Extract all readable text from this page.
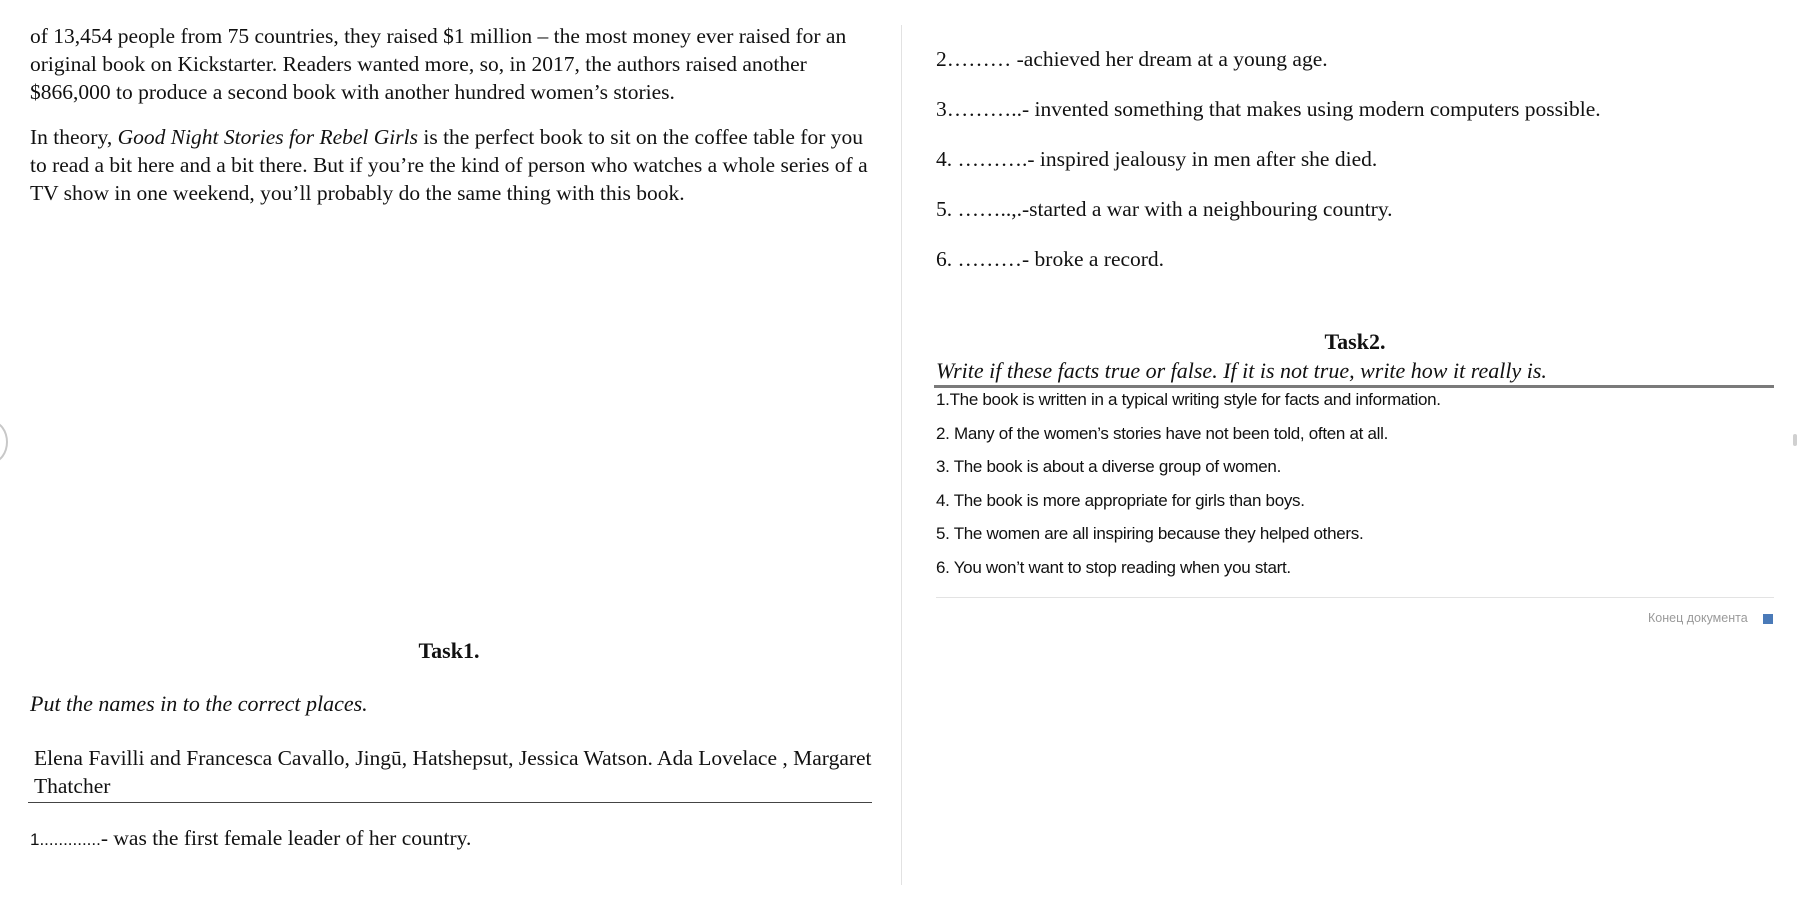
of 13,454 people from 75 countries, they raised $1 million – the most money ever raised for an original book on Kickstarter. Readers wanted more, so, in 2017, the authors raised another $866,000 to produce a second book with another hundred women’s stories.

In theory, Good Night Stories for Rebel Girls is the perfect book to sit on the coffee table for you to read a bit here and a bit there. But if you’re the kind of person who watches a whole series of a TV show in one weekend, you’ll probably do the same thing with this book.

Task1.
Put the names in to the correct places.
Elena Favilli and Francesca Cavallo, Jingū, Hatshepsut, Jessica Watson. Ada Lovelace , Margaret Thatcher
1.............- was the first female leader of her country.

2……… -achieved her dream at a young age.

3………..- invented something that makes using modern computers possible.

4. ……….- inspired jealousy in men after she died.

5. ……..,.-started a war with a neighbouring country.

6. ………- broke a record.

Task2.
Write if these facts true or false. If it is not true, write how it really is.
1.The book is written in a typical writing style for facts and information.
2. Many of the women’s stories have not been told, often at all.
3. The book is about a diverse group of women.
4. The book is more appropriate for girls than boys.
5. The women are all inspiring because they helped others.
6. You won’t want to stop reading when you start.
Конец документа
